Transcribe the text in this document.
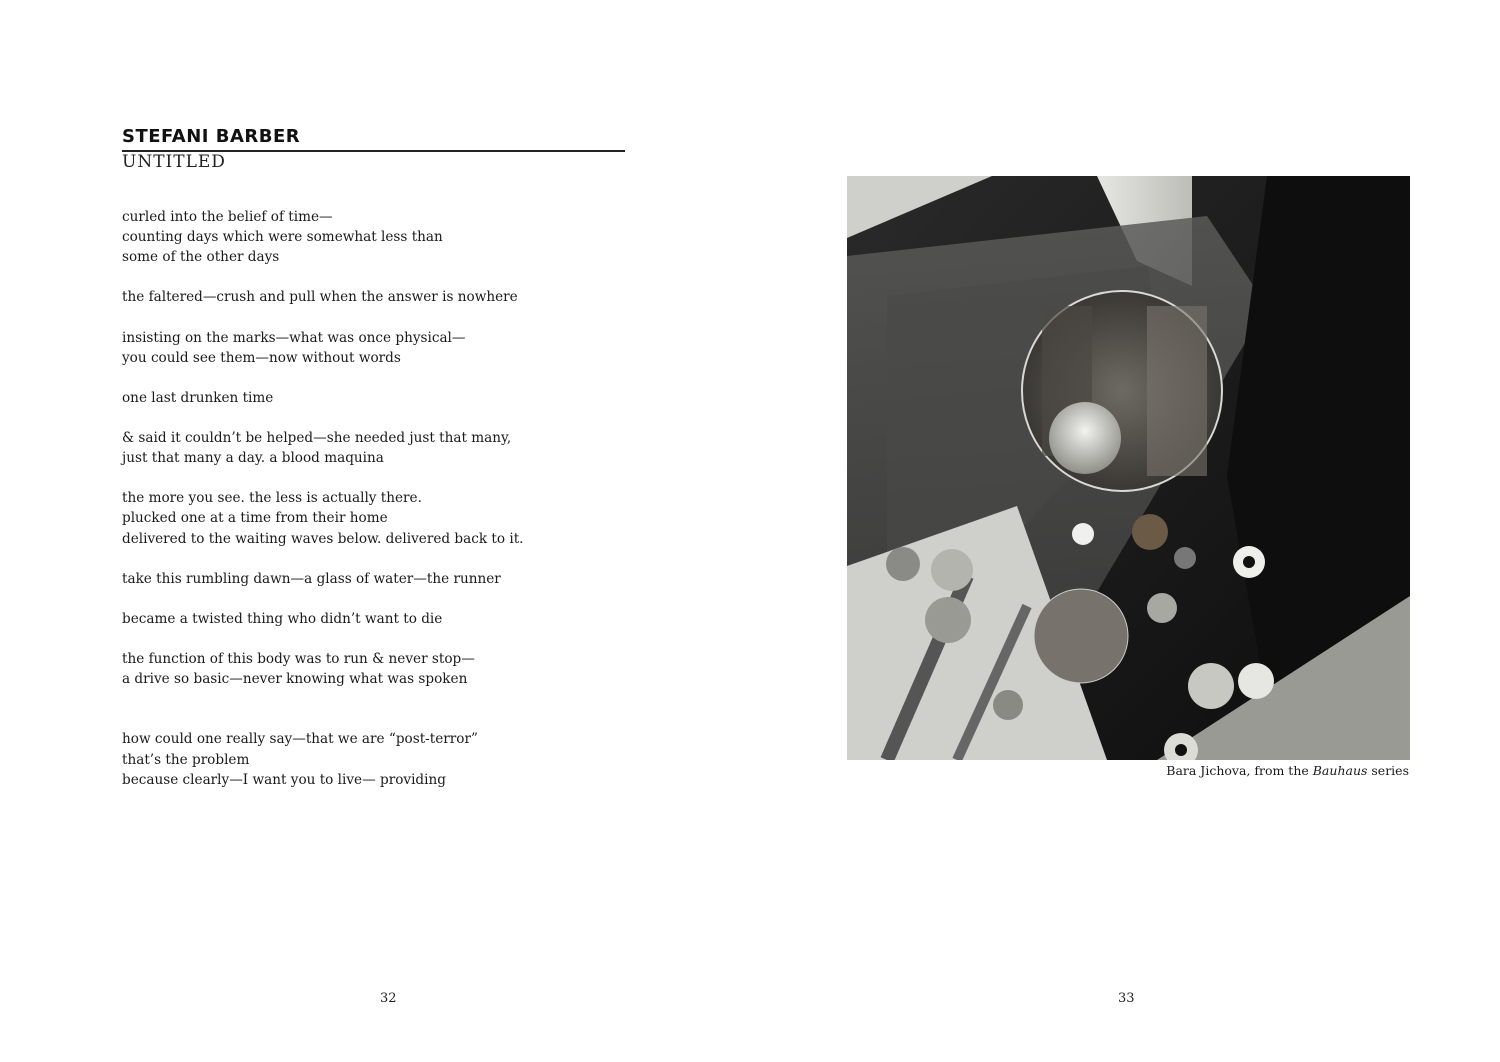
STEFANI BARBER
UNTITLED
curled into the belief of time—
counting days which were somewhat less than
some of the other days
the faltered—crush and pull when the answer is nowhere
insisting on the marks—what was once physical—
you could see them—now without words
one last drunken time
& said it couldn’t be helped—she needed just that many,
just that many a day. a blood maquina
the more you see. the less is actually there.
plucked one at a time from their home
delivered to the waiting waves below. delivered back to it.
take this rumbling dawn—a glass of water—the runner
became a twisted thing who didn’t want to die
the function of this body was to run & never stop—
a drive so basic—never knowing what was spoken
how could one really say—that we are “post-terror”
that’s the problem
because clearly—I want you to live— providing
32
Bara Jichova, from the Bauhaus series
33
